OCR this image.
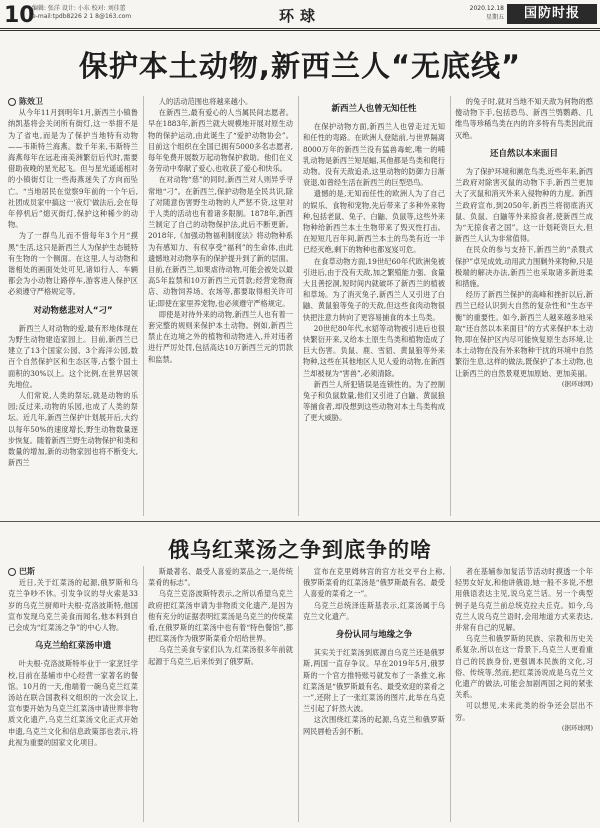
10
编辑: 张洋 设计: 小东 校对: 刘佳蕾
e-mail:tpdb8226 2 1 8@163.com	环球	2020.12.18
星期五	国防时报
保护本土动物,新西兰人“无底线”

陈效卫

从今年11月到明年1月,新西兰小镇鲁纳凯基将会关闭所有街灯,这一举措不是为了省电,而是为了保护当地特有动物——韦斯特兰海燕。数千年来,韦斯特兰海燕每年在远赴南美洲繁衍后代时,需要借助夜晚的星光起飞。但与星光遥遥相对的小镇街灯让一些海燕迷失了方向而坠亡。“当地居民在觉察9年前的一个午后,社团成员家中搞这一'夜灯'做法后,会在每年停机后”熄灭街灯,保护这种稀少的动物。

为了一群鸟儿而不惜每年3个月“摸黑”生活,这只是新西兰人为保护生态链特有生物的一个侧面。在这里,人与动物和谐相处的画面处处可见,诸如行人、车辆都会为小动物让路停车,游客进入保护区必须遵守严格规定等。

对动物慈悲对人“刁”

新西兰人对动物的爱,最有形地体现在为野生动物建造家园上。目前,新西兰已建立了13个国家公园、3个海洋公园,数百个自然保护区和生态区等,占整个国土面积的30%以上。这个比例,在世界居领先地位。

人们常说,人类的祭坛,就是动物的乐园;反过来,动物的乐园,也成了人类的祭坛。近几年,新西兰保护计划展开后,大约以每年50%的速度增长,野生动物数量逐步恢复。随着新西兰野生动物保护和类和数量的增加,新的动物家园也将不断变大,新西兰

人的活动范围也将越来越小。

在新西兰,最有爱心的人当属民间志愿者。早在1883年,新西兰就大规模地开展对原生动物的保护运动,由此诞生了“爱护动物协会”。目前这个组织在全国已拥有5000多名志愿者,每年免费开展数万起动物保护救助。他们在义务劳动中奉献了爱心,也收获了爱心和快乐。

在对动物“慈”的同时,新西兰对人则异乎寻常地“刁”。在新西兰,保护动物是全民共识,除了对随意伤害野生动物的人严惩不贷,这里对于人类的活动也有着诸多限制。1878年,新西兰制定了自己的动物保护法,此后不断更新。2018年,《加强动物福利制度法》将动物种系为有感知力、有权享受“福利”的生命体,由此遗憾地对动物享有的保护提升到了新的层面。目前,在新西兰,如果虐待动物,可能会被处以最高5年监禁和10万新西兰元罚款;经营宠物商店、动物饲养场、农场等,都要取得相关许可证;即使在家里养宠物,也必须遵守严格规定。

即使是对待外来的动物,新西兰人也有着一套完整的规则来保护本土动物。例如,新西兰禁止在边境之外的植物和动物进入,并对违者进行严厉处罚,包括高达10万新西兰元的罚款和监禁。

新西兰人也曾无知任性

在保护动物方面,新西兰人也曾走过无知和任性的弯路。在欧洲人登陆前,与世界隔离8000万年的新西兰没有猛兽毒蛇,唯一的哺乳动物是新西兰短尾蝠,其他都是鸟类和爬行动物。没有天敌追杀,这里动物的防御力日渐衰退,如曾经生活在新西兰的巨型恐鸟。

遗憾的是,无知而任性的欧洲人为了自己的娱乐、食物和宠物,先后带来了多种外来物种,包括老鼠、兔子、白鼬、负鼠等,这些外来物种给新西兰本土生物带来了毁灭性打击。在短短几百年间,新西兰本土的鸟类有近一半已经灭绝,剩下的物种也都岌岌可危。

在食草动物方面,19世纪60年代欧洲兔被引进后,由于没有天敌,加之繁殖能力强、食量大且善挖洞,短时间内就破坏了新西兰的植被和草场。为了消灭兔子,新西兰人又引进了白鼬、黄鼠狼等兔子的天敌,但这些食肉动物很快把注意力转向了更容易捕食的本土鸟类。

20世纪80年代,水貂等动物被引进后也很快繁衍开来,又给本土原生鸟类和植物造成了巨大伤害。负鼠、鹿、雪貂、黄鼠狼等外来物种,这些在其他地区人见人爱的动物,在新西兰却被视为“害兽”,必须清除。

新西兰人所犯错误是连锁性的。为了控制兔子和负鼠数量,他们又引进了白鼬、黄鼠狼等捕食者,却没想到这些动物对本土鸟类构成了更大威胁。

的兔子时,就对当地不知天敌为何物的憨傻动物下手,包括恐鸟、新西兰鸮鹦鹉、几维鸟等珍稀鸟类在内的许多特有鸟类因此而灭绝。

还自然以本来面目

为了保护环境和濒危鸟类,近些年来,新西兰政府对除害灭鼠的动物下手,新西兰更加大了灭鼠和消灭外来入侵物种的力度。新西兰政府宣布,到2050年,新西兰将彻底消灭鼠、负鼠、白鼬等外来掠食者,使新西兰成为“无掠食者之国”。这一计划耗资巨大,但新西兰人认为非常值得。

在民众的参与支持下,新西兰的“杀戮式保护”卓见成效,动用武力围剿外来物种,只是极端的解决办法,新西兰也采取诸多新进柔和措施。

经历了新西兰保护的高峰和挫折以后,新西兰已经认识到大自然的复杂性和“生态平衡”的重要性。如今,新西兰人越来越多地采取“还自然以本来面目”的方式来保护本土动物,即在保护区内尽可能恢复原生态环境,让本土动物在没有外来物种干扰的环境中自然繁衍生息,这样的做法,既保护了本土动物,也让新西兰的自然景观更加原始、更加美丽。

(据环球网)

俄乌红菜汤之争到底争的啥

巴斯

近日,关于红菜汤的起源,俄罗斯和乌克兰争吵不休。引发争议的导火索是33岁的乌克兰厨师叶夫根·克洛波斯特,他国宣布发现乌克兰美食而闻名,他本料到自己会成为“红菜汤之争”的中心人物。

乌克兰给红菜汤申遗

叶夫根·克洛波斯特毕业于一家烹饪学校,目前在基辅市中心经营一家著名的餐馆。10月的一天,他端着一碗乌克兰红菜汤站在联合国教科文组织的一次会议上,宣布要开始为乌克兰红菜汤申请世界非物质文化遗产,乌克兰红菜汤文化正式开始申遗,乌克兰文化和信息政策部也表示,将此视为重要的国家文化项目。

斯最著名、最受人喜爱的菜品之一,是传统菜肴的标志”。

乌克兰克洛波斯特表示,之所以希望乌克兰政府把红菜汤申请为非物质文化遗产,是因为他有充分的证据表明红菜汤是乌克兰的传统菜肴,在俄罗斯的红菜汤中也有着“特色餐馆”,都把红菜汤作为俄罗斯菜肴介绍给世界。

乌克兰美食专家们认为,红菜汤很多年前就起源于乌克兰,后来传到了俄罗斯。

宣布在克里姆林宫的官方社交平台上称,俄罗斯菜肴的红菜汤是“俄罗斯最有名、最受人喜爱的菜肴之一”。

乌克兰总统泽连斯基表示,红菜汤属于乌克兰文化遗产。

身份认同与地缘之争

其实关于红菜汤到底源自乌克兰还是俄罗斯,两国一直存争议。早在2019年5月,俄罗斯的一个官方推特账号就发布了一条推文,称红菜汤是“俄罗斯最有名、最受欢迎的菜肴之一”,还附上了一张红菜汤的图片,此举在乌克兰引起了轩然大波。

这次围绕红菜汤的起源,乌克兰和俄罗斯网民唇枪舌剑不断。

者在基辅参加复活节活动时摸透一个年轻男女好友,和他讲俄语,她一般不多说,不想用俄语表达主见,说乌克兰话。另一个典型例子是乌克兰前总统克拉夫丘克。如今,乌克兰人说乌克兰语时,会用地道方式来表达,并常有自己的见解。

乌克兰和俄罗斯的民族、宗教和历史关系复杂,所以在这一背景下,乌克兰人更看重自己的民族身份,更强调本民族的文化,习俗、传统等,然而,把红菜汤说成是乌克兰文化遗产的做法,可能会加剧两国之间的紧张关系。

可以想见,未来此类的纷争还会层出不穷。

(据环球网)
